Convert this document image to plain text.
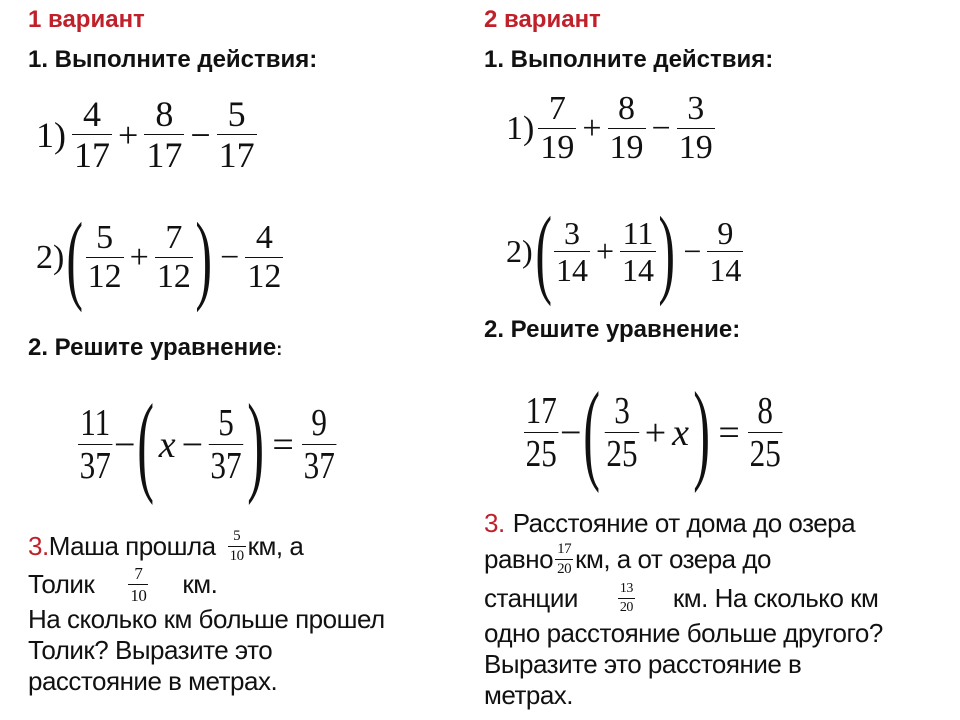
1 вариант
1. Выполните действия:
$1) \frac{4}{17} + \frac{8}{17} - \frac{5}{17}$
2) ( $\frac{5}{12} + \frac{7}{12}$ ) − $\frac{4}{12}$
2. Решите уравнение:
$\frac{11}{37}$ − ( $x - \frac{5}{37}$ ) = $\frac{9}{37}$
3. Маша прошла $\frac{5}{10}$ км, а
Толик $\frac{7}{10}$ км.
На сколько км больше прошел
Толик? Выразите это
расстояние в метрах.
2 вариант
1. Выполните действия:
$1) \frac{7}{19} + \frac{8}{19} - \frac{3}{19}$
2) ( $\frac{3}{14} + \frac{11}{14}$ ) − $\frac{9}{14}$
2. Решите уравнение:
$\frac{17}{25}$ − ( $\frac{3}{25} + x$ ) = $\frac{8}{25}$
3. Расстояние от дома до озера
равно $\frac{17}{20}$ км, а от озера до
станции	$\frac{13}{20}$ км. На сколько км
одно расстояние больше другого?
Выразите это расстояние в
метрах.
